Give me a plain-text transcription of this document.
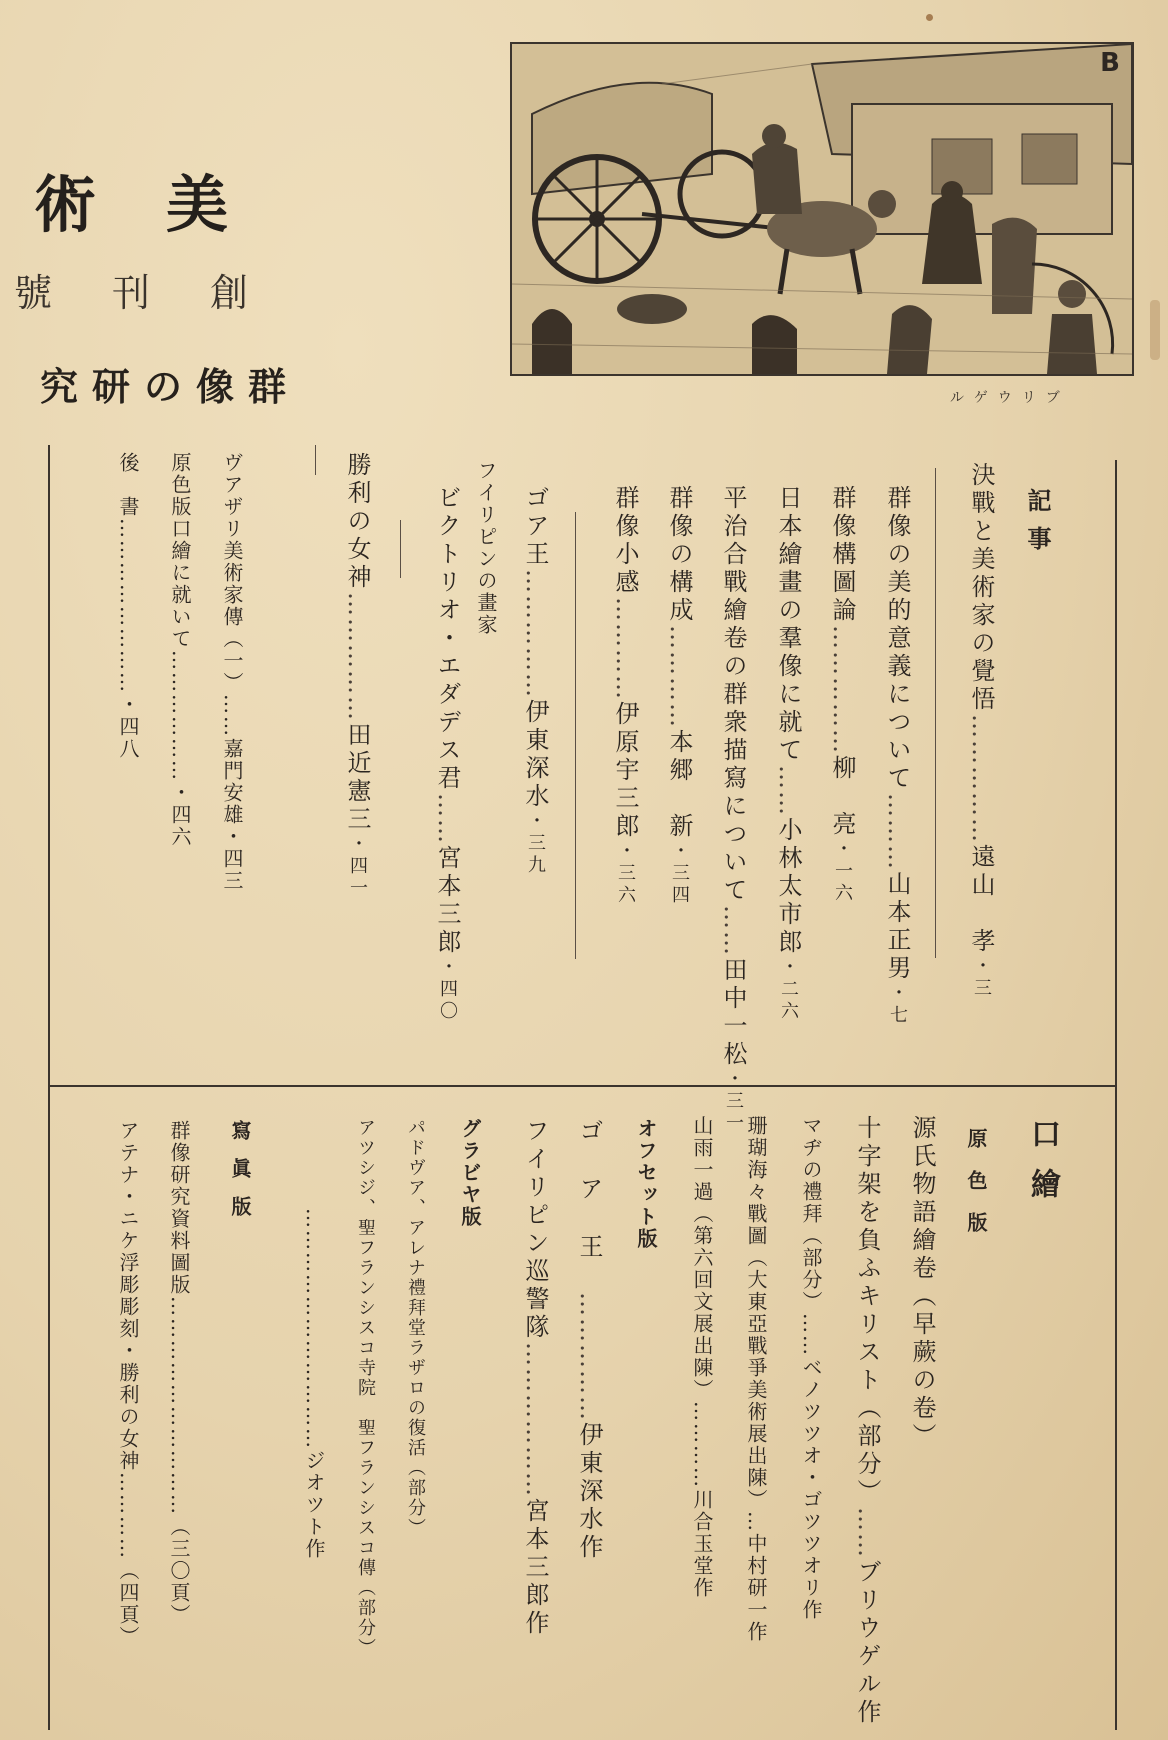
美術
創刊號
群像の研究
B
ブリウゲル
記事
決戰と美術家の覺悟……………遠山　孝・三
群像の美的意義について………山本正男・七
群像構圖論……………柳　亮・一六
日本繪畫の羣像に就て……小林太市郎・二六
平治合戰繪卷の群衆描寫について……田中一松・三一
群像の構成…………本郷　新・三四
群像小感…………伊原宇三郎・三六
ゴア王……………伊東深水・三九
フイリピンの畫家
ビクトリオ・エダデス君……宮本三郎・四〇
勝利の女神……………田近憲三・四一
ヴアザリ美術家傳（一）……嘉門安雄・四三
原色版口繪に就いて………………・四六
後　書……………………・四八
口繪
原色版
源氏物語繪卷（早蕨の卷）
十字架を負ふキリスト（部分）……ブリウゲル作
マヂの禮拜（部分）……ベノツツオ・ゴツツオリ作
珊瑚海々戰圖（大東亞戰爭美術展出陳）…中村研一作
山雨一過（第六回文展出陳）…………川合玉堂作
オフセット版
ゴア王……………伊東深水作
フイリピン巡警隊………………宮本三郎作
グラビヤ版
パドヴア、アレナ禮拜堂ラザロの復活（部分）
アツシジ、聖フランシスコ寺院　聖フランシスコ傳（部分）
……………………………ジオツト作
寫眞版
群像研究資料圖版…………………………（三〇頁）
アテナ・ニケ浮彫彫刻・勝利の女神…………（四頁）
